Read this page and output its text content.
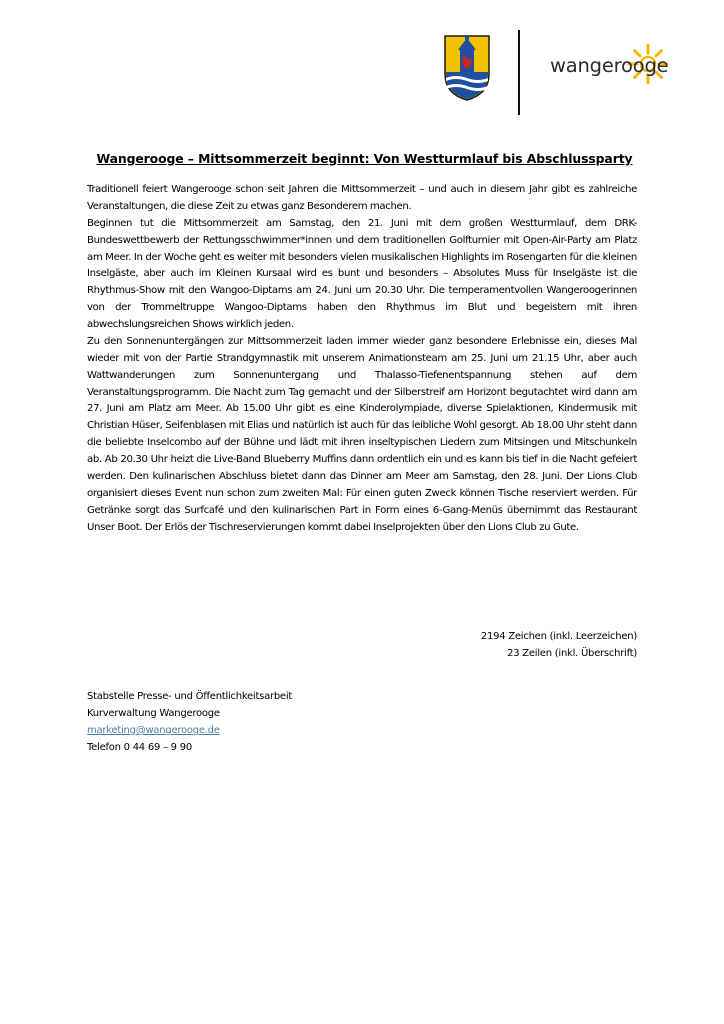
wangerooge
Wangerooge – Mittsommerzeit beginnt: Von Westturmlauf bis Abschlussparty

Traditionell feiert Wangerooge schon seit Jahren die Mittsommerzeit – und auch in diesem Jahr gibt es zahlreiche Veranstaltungen, die diese Zeit zu etwas ganz Besonderem machen.

Beginnen tut die Mittsommerzeit am Samstag, den 21. Juni mit dem großen Westturmlauf, dem DRK-Bundeswettbewerb der Rettungsschwimmer*innen und dem traditionellen Golfturnier mit Open-Air-Party am Platz am Meer. In der Woche geht es weiter mit besonders vielen musikalischen Highlights im Rosengarten für die kleinen Inselgäste, aber auch im Kleinen Kursaal wird es bunt und besonders – Absolutes Muss für Inselgäste ist die Rhythmus-Show mit den Wangoo-Diptams am 24. Juni um 20.30 Uhr. Die temperamentvollen Wangeroogerinnen von der Trommeltruppe Wangoo-Diptams haben den Rhythmus im Blut und begeistern mit ihren abwechslungsreichen Shows wirklich jeden.

Zu den Sonnenuntergängen zur Mittsommerzeit laden immer wieder ganz besondere Erlebnisse ein, dieses Mal wieder mit von der Partie Strandgymnastik mit unserem Animationsteam am 25. Juni um 21.15 Uhr, aber auch Wattwanderungen zum Sonnenuntergang und Thalasso-Tiefenentspannung stehen auf dem Veranstaltungsprogramm. Die Nacht zum Tag gemacht und der Silberstreif am Horizont begutachtet wird dann am 27. Juni am Platz am Meer. Ab 15.00 Uhr gibt es eine Kinderolympiade, diverse Spielaktionen, Kindermusik mit Christian Hüser, Seifenblasen mit Elias und natürlich ist auch für das leibliche Wohl gesorgt. Ab 18.00 Uhr steht dann die beliebte Inselcombo auf der Bühne und lädt mit ihren inseltypischen Liedern zum Mitsingen und Mitschunkeln ab. Ab 20.30 Uhr heizt die Live-Band Blueberry Muffins dann ordentlich ein und es kann bis tief in die Nacht gefeiert werden. Den kulinarischen Abschluss bietet dann das Dinner am Meer am Samstag, den 28. Juni. Der Lions Club organisiert dieses Event nun schon zum zweiten Mal: Für einen guten Zweck können Tische reserviert werden. Für Getränke sorgt das Surfcafé und den kulinarischen Part in Form eines 6-Gang-Menüs übernimmt das Restaurant Unser Boot. Der Erlös der Tischreservierungen kommt dabei Inselprojekten über den Lions Club zu Gute.

2194 Zeichen (inkl. Leerzeichen)
23 Zeilen (inkl. Überschrift)
Stabstelle Presse- und Öffentlichkeitsarbeit
Kurverwaltung Wangerooge
marketing@wangerooge.de
Telefon 0 44 69 – 9 90
